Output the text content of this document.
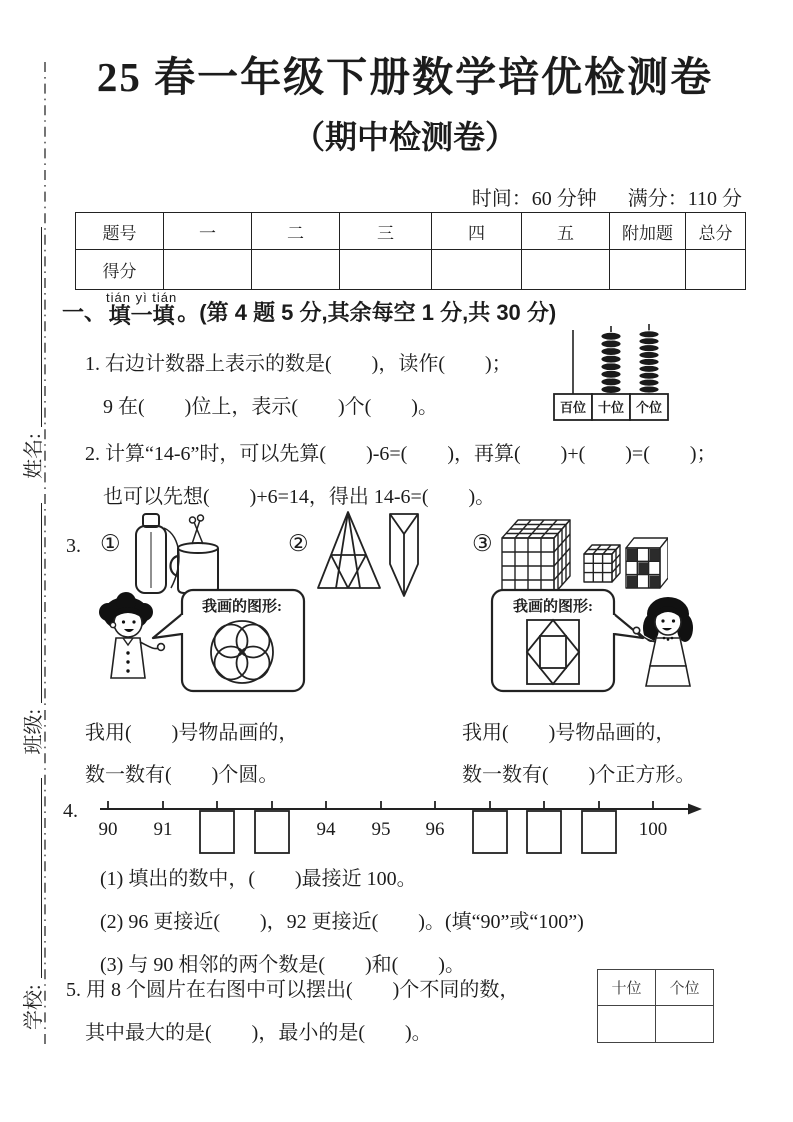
学校:
班级:
姓名:
25 春一年级下册数学培优检测卷
（期中检测卷）
时间：60 分钟 满分：110 分
题号	一	二	三	四	五	附加题	总分
得分							
一、
tián yì tián
填一填 。(第 4 题 5 分,其余每空 1 分,共 30 分)
1. 右边计数器上表示的数是(　　)，读作(　　)；
9 在(　　)位上，表示(　　)个(　　)。	百位 十位 个位
2. 计算“14-6”时，可以先算(　　)-6=(　　)，再算(　　)+(　　)=(　　)；
也可以先想(　　)+6=14，得出 14-6=(　　)。
3. ①	②	③
我画的图形:	我画的图形:
我用(　　)号物品画的，
数一数有(　　)个圆。
我用(　　)号物品画的，
数一数有(　　)个正方形。
4.
90 91	94 95 96	100
(1) 填出的数中，(　　)最接近 100。
(2) 96 更接近(　　)，92 更接近(　　)。(填“90”或“100”)
(3) 与 90 相邻的两个数是(　　)和(　　)。
5. 用 8 个圆片在右图中可以摆出(　　)个不同的数，
其中最大的是(　　)，最小的是(　　)。
十位	个位
